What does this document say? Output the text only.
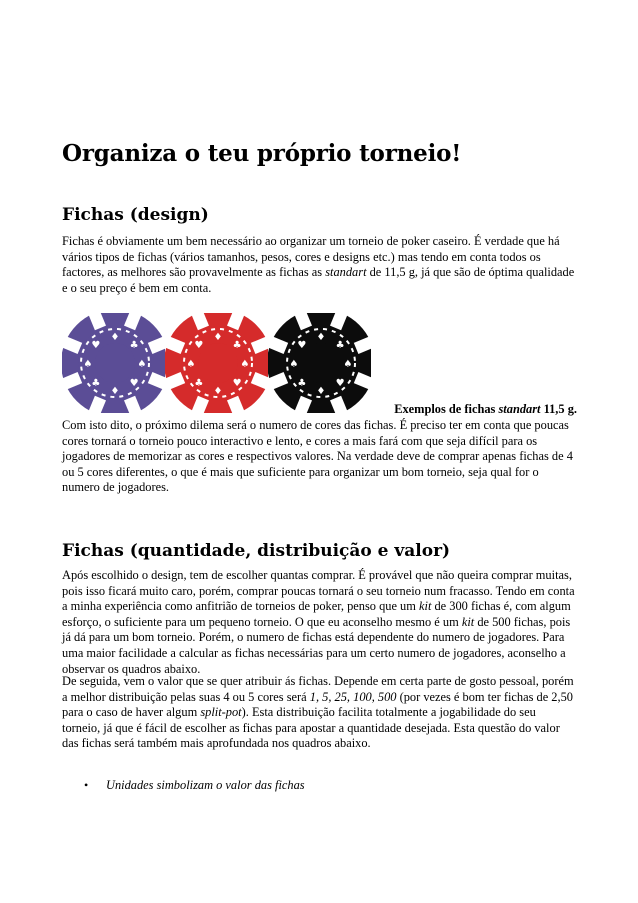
Organiza o teu próprio torneio!
Fichas (design)

Fichas é obviamente um bem necessário ao organizar um torneio de poker caseiro. É verdade que há vários tipos de fichas (vários tamanhos, pesos, cores e designs etc.) mas tendo em conta todos os factores, as melhores são provavelmente as fichas as standart de 11,5 g, já que são de óptima qualidade e o seu preço é bem em conta.

♠
♥
♦
♣
♠
♥
♦
♣
♠
♥
♦
♣
♠
♥
♦
♣
♠
♥
♦
♣
♠
♥
♦
♣
Exemplos de fichas standart 11,5 g.

Com isto dito, o próximo dilema será o numero de cores das fichas. É preciso ter em conta que poucas cores tornará o torneio pouco interactivo e lento, e cores a mais fará com que seja difícil para os jogadores de memorizar as cores e respectivos valores. Na verdade deve de comprar apenas fichas de 4 ou 5 cores diferentes, o que é mais que suficiente para organizar um bom torneio, seja qual for o numero de jogadores.

Fichas (quantidade, distribuição e valor)

Após escolhido o design, tem de escolher quantas comprar. É provável que não queira comprar muitas, pois isso ficará muito caro, porém, comprar poucas tornará o seu torneio num fracasso. Tendo em conta a minha experiência como anfitrião de torneios de poker, penso que um kit de 300 fichas é, com algum esforço, o suficiente para um pequeno torneio. O que eu aconselho mesmo é um kit de 500 fichas, pois já dá para um bom torneio. Porém, o numero de fichas está dependente do numero de jogadores. Para uma maior facilidade a calcular as fichas necessárias para um certo numero de jogadores, aconselho a observar os quadros abaixo.

De seguida, vem o valor que se quer atribuir ás fichas. Depende em certa parte de gosto pessoal, porém a melhor distribuição pelas suas 4 ou 5 cores será 1, 5, 25, 100, 500 (por vezes é bom ter fichas de 2,50 para o caso de haver algum split-pot). Esta distribuição facilita totalmente a jogabilidade do seu torneio, já que é fácil de escolher as fichas para apostar a quantidade desejada. Esta questão do valor das fichas será também mais aprofundada nos quadros abaixo.

• Unidades simbolizam o valor das fichas
